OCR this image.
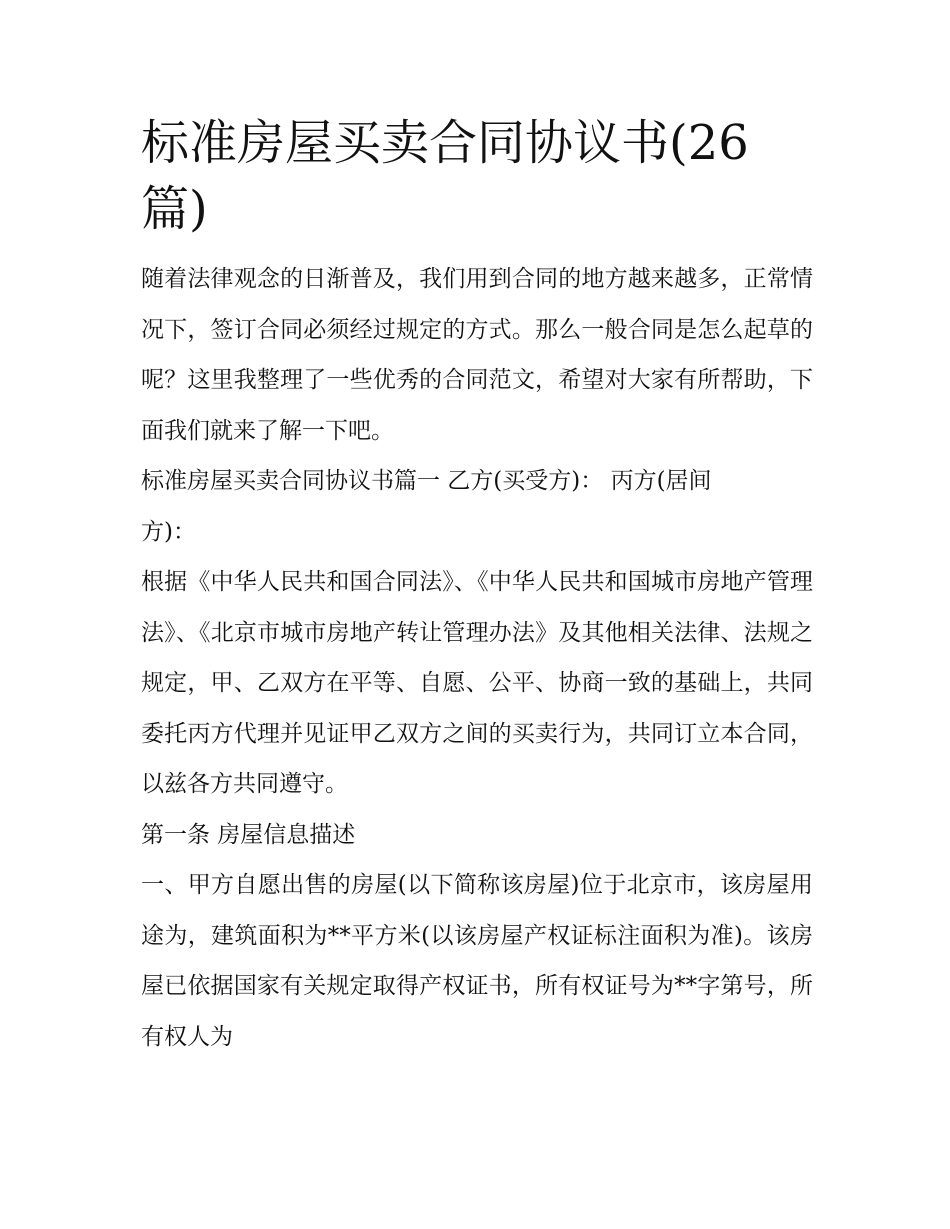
标准房屋买卖合同协议书(26篇)

随着法律观念的日渐普及，我们用到合同的地方越来越多，正常情况下，签订合同必须经过规定的方式。那么一般合同是怎么起草的呢？这里我整理了一些优秀的合同范文，希望对大家有所帮助，下面我们就来了解一下吧。

标准房屋买卖合同协议书篇一 乙方(买受方)： 丙方(居间方)：

根据《中华人民共和国合同法》、《中华人民共和国城市房地产管理法》、《北京市城市房地产转让管理办法》及其他相关法律、法规之规定，甲、乙双方在平等、自愿、公平、协商一致的基础上，共同委托丙方代理并见证甲乙双方之间的买卖行为，共同订立本合同，以兹各方共同遵守。

第一条 房屋信息描述

一、甲方自愿出售的房屋(以下简称该房屋)位于北京市，该房屋用途为，建筑面积为**平方米(以该房屋产权证标注面积为准)。该房屋已依据国家有关规定取得产权证书，所有权证号为**字第号，所有权人为
